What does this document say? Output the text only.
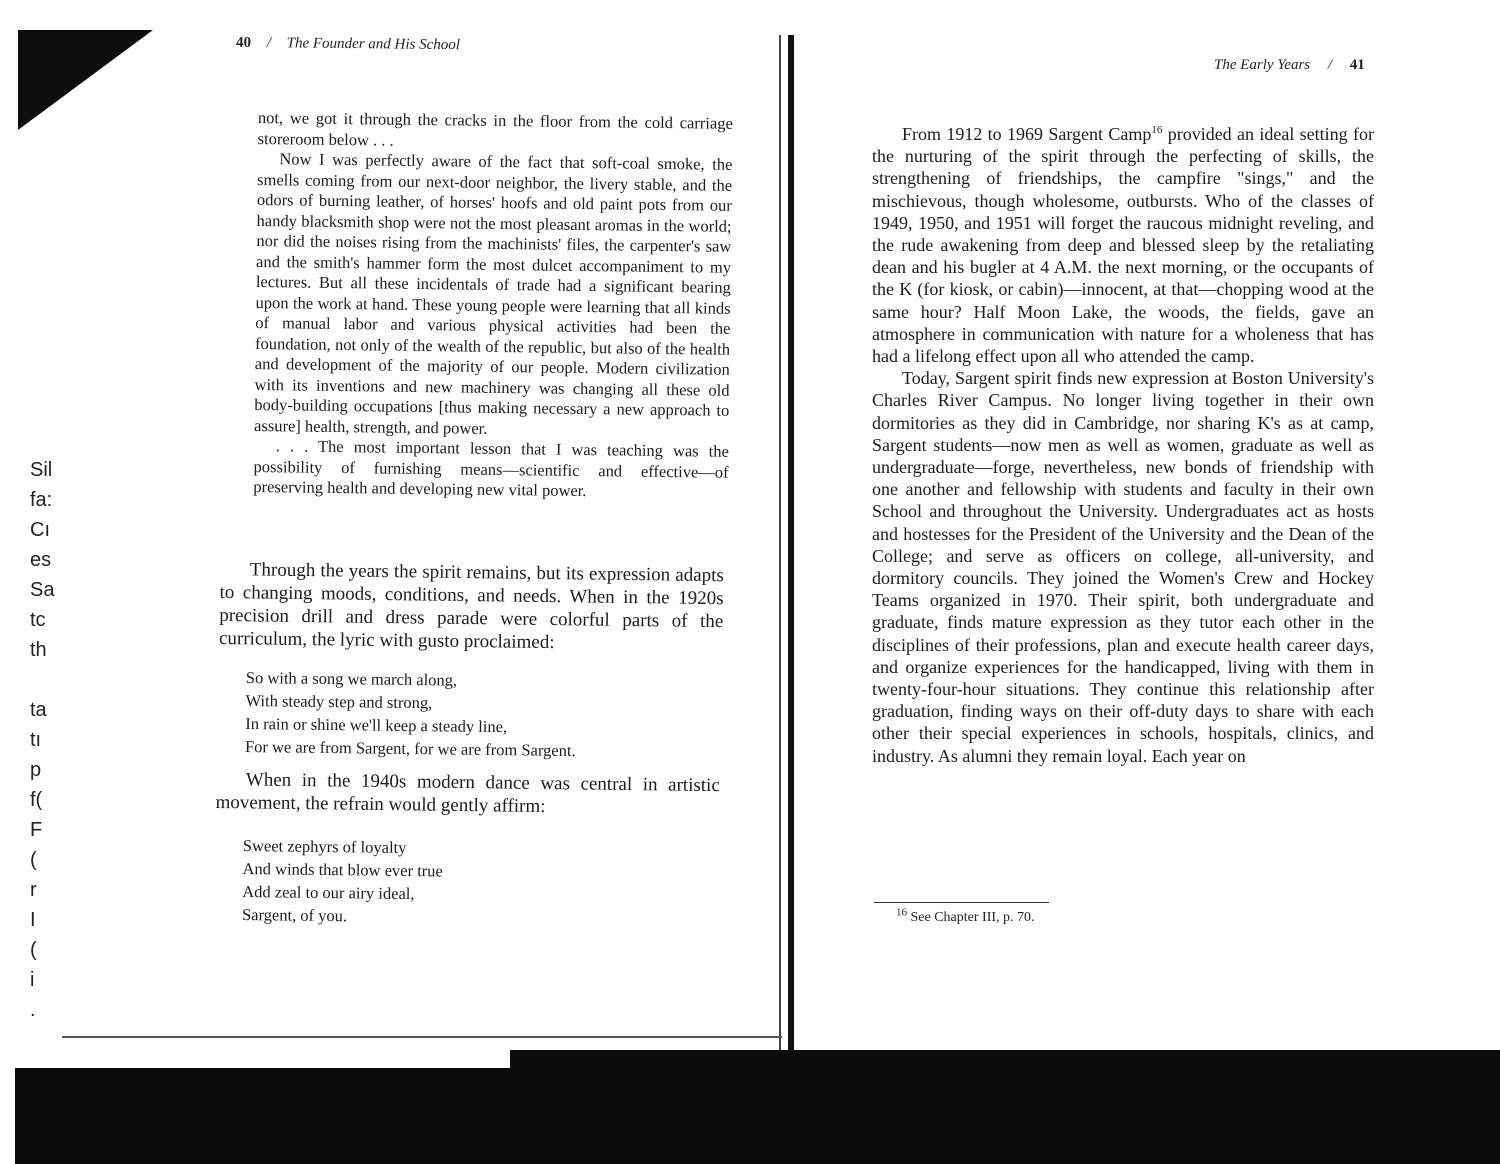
Sil
fa:
Cı
es
Sa
tc
th
ta
tı
p
f(
F
(
r
I
(
i
.
40 / The Founder and His School

not, we got it through the cracks in the floor from the cold carriage storeroom below . . .

Now I was perfectly aware of the fact that soft-coal smoke, the smells coming from our next-door neighbor, the livery stable, and the odors of burning leather, of horses' hoofs and old paint pots from our handy blacksmith shop were not the most pleasant aromas in the world; nor did the noises rising from the machinists' files, the carpenter's saw and the smith's hammer form the most dulcet accompaniment to my lectures. But all these incidentals of trade had a significant bearing upon the work at hand. These young people were learning that all kinds of manual labor and various physical activities had been the foundation, not only of the wealth of the republic, but also of the health and development of the majority of our people. Modern civilization with its inventions and new machinery was changing all these old body-building occupations [thus making necessary a new approach to assure] health, strength, and power.

. . . The most important lesson that I was teaching was the possibility of furnishing means—scientific and effective—of preserving health and developing new vital power.

Through the years the spirit remains, but its expression adapts to changing moods, conditions, and needs. When in the 1920s precision drill and dress parade were colorful parts of the curriculum, the lyric with gusto proclaimed:
So with a song we march along,
With steady step and strong,
In rain or shine we'll keep a steady line,
For we are from Sargent, for we are from Sargent.
When in the 1940s modern dance was central in artistic movement, the refrain would gently affirm:
Sweet zephyrs of loyalty
And winds that blow ever true
Add zeal to our airy ideal,
Sargent, of you.
The Early Years / 41

From 1912 to 1969 Sargent Camp$^{16}$ provided an ideal setting for the nurturing of the spirit through the perfecting of skills, the strengthening of friendships, the campfire "sings," and the mischievous, though wholesome, outbursts. Who of the classes of 1949, 1950, and 1951 will forget the raucous midnight reveling, and the rude awakening from deep and blessed sleep by the retaliating dean and his bugler at 4 A.M. the next morning, or the occupants of the K (for kiosk, or cabin)—innocent, at that—chopping wood at the same hour? Half Moon Lake, the woods, the fields, gave an atmosphere in communication with nature for a wholeness that has had a lifelong effect upon all who attended the camp.

Today, Sargent spirit finds new expression at Boston University's Charles River Campus. No longer living together in their own dormitories as they did in Cambridge, nor sharing K's as at camp, Sargent students—now men as well as women, graduate as well as undergraduate—forge, nevertheless, new bonds of friendship with one another and fellowship with students and faculty in their own School and throughout the University. Undergraduates act as hosts and hostesses for the President of the University and the Dean of the College; and serve as officers on college, all-university, and dormitory councils. They joined the Women's Crew and Hockey Teams organized in 1970. Their spirit, both undergraduate and graduate, finds mature expression as they tutor each other in the disciplines of their professions, plan and execute health career days, and organize experiences for the handicapped, living with them in twenty-four-hour situations. They continue this relationship after graduation, finding ways on their off-duty days to share with each other their special experiences in schools, hospitals, clinics, and industry. As alumni they remain loyal. Each year on

$^{16}$ See Chapter III, p. 70.
